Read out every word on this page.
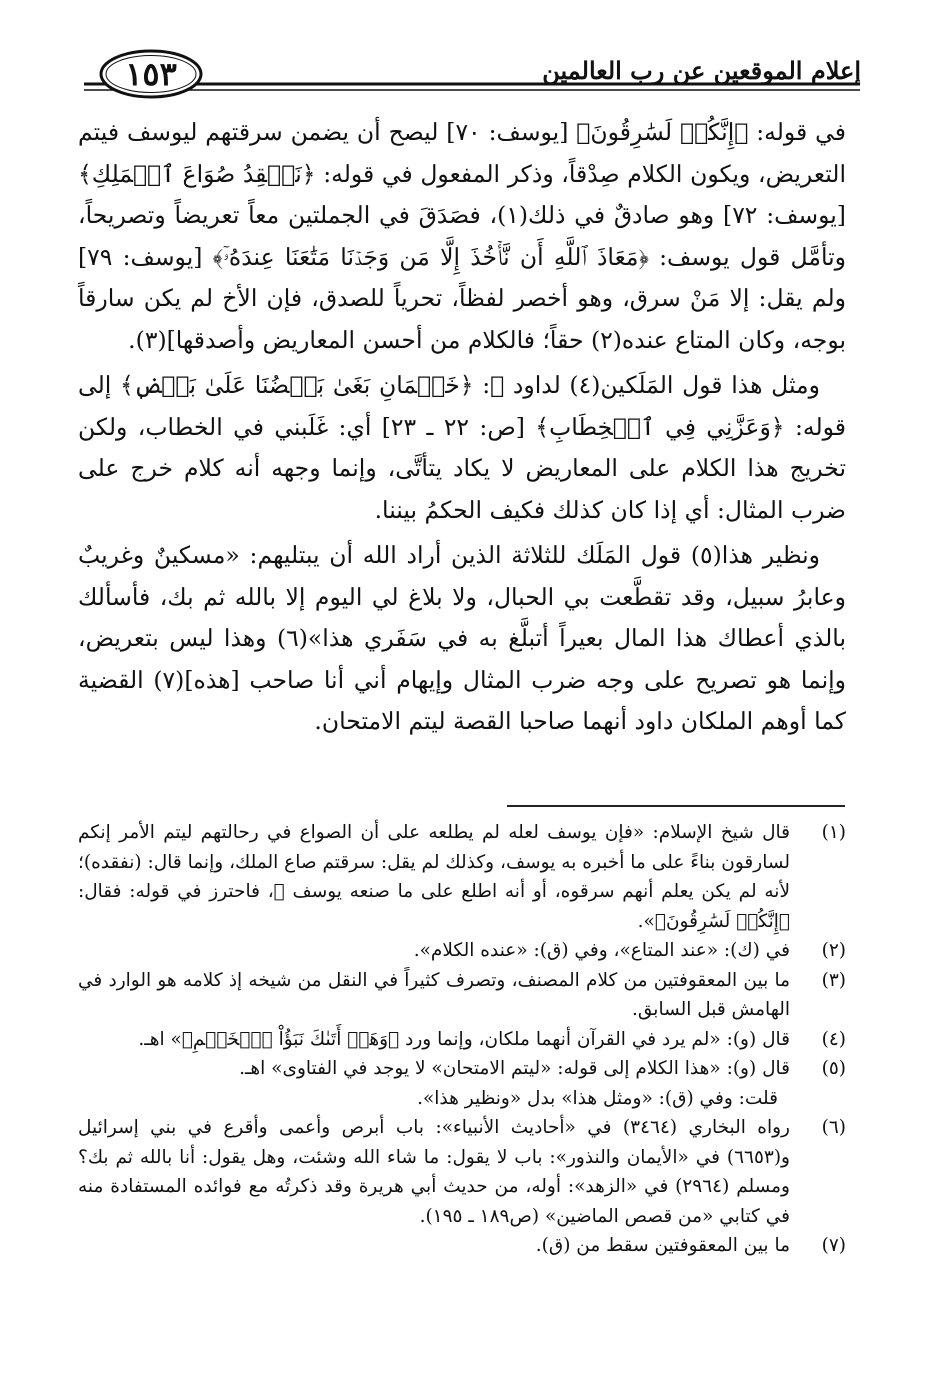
إعلام الموقعين عن رب العالمين
١٥٣

في قوله: ﴿إِنَّكُمۡ لَسَٰرِقُونَ﴾ [يوسف: ٧٠] ليصح أن يضمن سرقتهم ليوسف فيتم التعريض، ويكون الكلام صِدْقاً، وذكر المفعول في قوله: ﴿نَفۡقِدُ صُوَاعَ ٱلۡمَلِكِ﴾ [يوسف: ٧٢] وهو صادقٌ في ذلك(١)، فصَدَقَ في الجملتين معاً تعريضاً وتصريحاً، وتأمَّل قول يوسف: ﴿مَعَاذَ ٱللَّهِ أَن نَّأۡخُذَ إِلَّا مَن وَجَدۡنَا مَتَٰعَنَا عِندَهُۥٓ﴾ [يوسف: ٧٩] ولم يقل: إلا مَنْ سرق، وهو أخصر لفظاً، تحرياً للصدق، فإن الأخ لم يكن سارقاً بوجه، وكان المتاع عنده(٢) حقاً؛ فالكلام من أحسن المعاريض وأصدقها](٣).

ومثل هذا قول المَلَكين(٤) لداود ﷺ: ﴿خَصۡمَانِ بَغَىٰ بَعۡضُنَا عَلَىٰ بَعۡضٖ﴾ إلى قوله: ﴿وَعَزَّنِي فِي ٱلۡخِطَابِ﴾ [ص: ٢٢ ـ ٢٣] أي: غَلَبني في الخطاب، ولكن تخريج هذا الكلام على المعاريض لا يكاد يتأتَّى، وإنما وجهه أنه كلام خرج على ضرب المثال: أي إذا كان كذلك فكيف الحكمُ بيننا.

ونظير هذا(٥) قول المَلَك للثلاثة الذين أراد الله أن يبتليهم: «مسكينٌ وغريبٌ وعابرُ سبيل، وقد تقطَّعت بي الحبال، ولا بلاغ لي اليوم إلا بالله ثم بك، فأسألك بالذي أعطاك هذا المال بعيراً أتبلَّغ به في سَفَري هذا»(٦) وهذا ليس بتعريض، وإنما هو تصريح على وجه ضرب المثال وإيهام أني أنا صاحب [هذه](٧) القضية كما أوهم الملكان داود أنهما صاحبا القصة ليتم الامتحان.

(١)
قال شيخ الإسلام: «فإن يوسف لعله لم يطلعه على أن الصواع في رحالتهم ليتم الأمر إنكم لسارقون بناءً على ما أخبره به يوسف، وكذلك لم يقل: سرقتم صاع الملك، وإنما قال: (نفقده)؛ لأنه لم يكن يعلم أنهم سرقوه، أو أنه اطلع على ما صنعه يوسف ﷺ، فاحترز في قوله: فقال: ﴿إِنَّكُمۡ لَسَٰرِقُونَ﴾».
(٢)
في (ك): «عند المتاع»، وفي (ق): «عنده الكلام».
(٣)
ما بين المعقوفتين من كلام المصنف، وتصرف كثيراً في النقل من شيخه إذ كلامه هو الوارد في الهامش قبل السابق.
(٤)
قال (و): «لم يرد في القرآن أنهما ملكان، وإنما ورد ﴿وَهَلۡ أَتَىٰكَ نَبَؤُاْ ٱلۡخَصۡمِ﴾» اهـ.
(٥)
قال (و): «هذا الكلام إلى قوله: «ليتم الامتحان» لا يوجد في الفتاوى» اهـ.
قلت: وفي (ق): «ومثل هذا» بدل «ونظير هذا».
(٦)
رواه البخاري (٣٤٦٤) في «أحاديث الأنبياء»: باب أبرص وأعمى وأقرع في بني إسرائيل و(٦٦٥٣) في «الأيمان والنذور»: باب لا يقول: ما شاء الله وشئت، وهل يقول: أنا بالله ثم بك؟ ومسلم (٢٩٦٤) في «الزهد»: أوله، من حديث أبي هريرة وقد ذكرتُه مع فوائده المستفادة منه في كتابي «من قصص الماضين» (ص١٨٩ ـ ١٩٥).
(٧)
ما بين المعقوفتين سقط من (ق).
